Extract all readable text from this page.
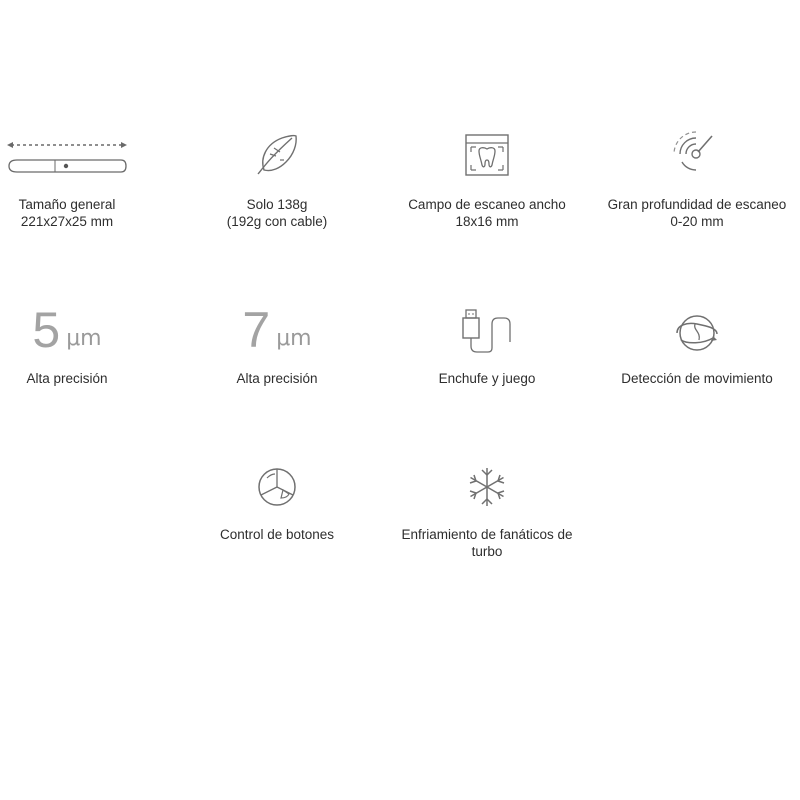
Tamaño general
221x27x25 mm
Solo 138g
(192g con cable)
Campo de escaneo ancho
18x16 mm
Gran profundidad de escaneo
0-20 mm
5 μm
Alta precisión
7 μm
Alta precisión	Enchufe y juego	Detección de movimiento
Control de botones	Enfriamiento de fanáticos de
turbo
